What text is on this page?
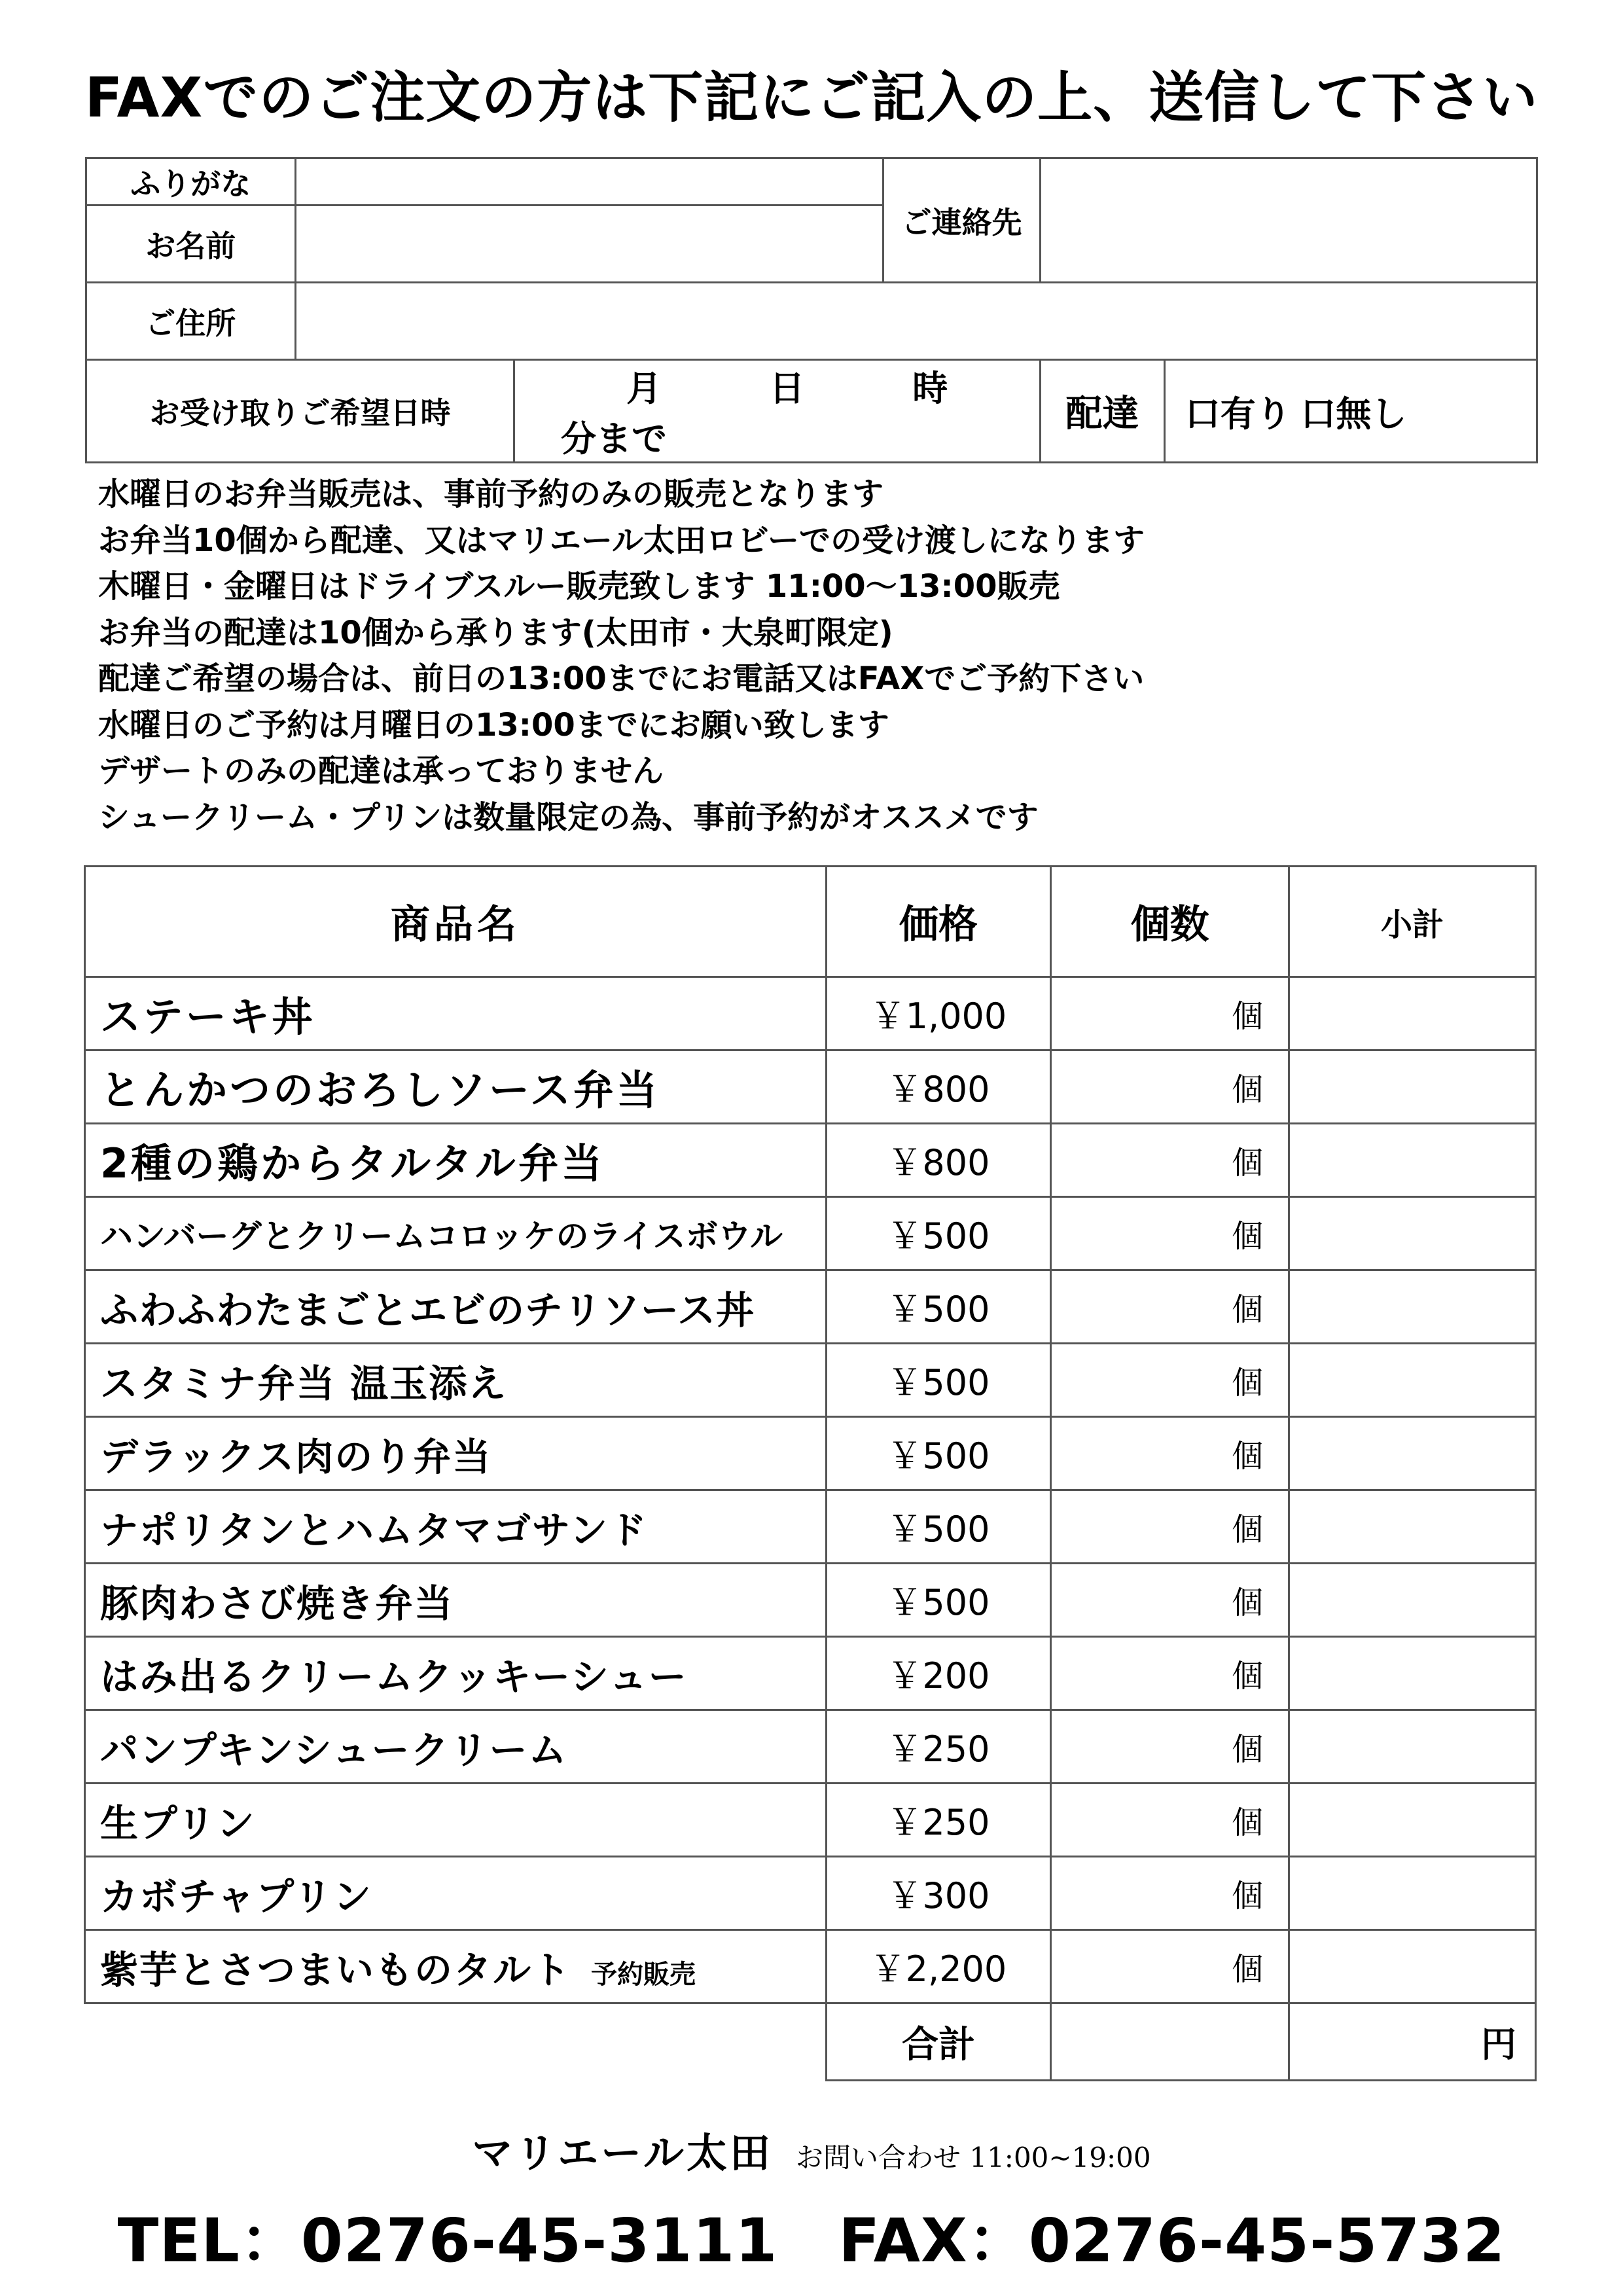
FAXでのご注文の方は下記にご記入の上、送信して下さい
ふりがな			ご連絡先		
お名前					
ご住所					
お受け取りご希望日時		月 日 時 分まで		配達	口有り 口無し
水曜日のお弁当販売は、事前予約のみの販売となります
お弁当10個から配達、又はマリエール太田ロビーでの受け渡しになります
木曜日・金曜日はドライブスルー販売致します 11:00〜13:00販売
お弁当の配達は10個から承ります(太田市・大泉町限定)
配達ご希望の場合は、前日の13:00までにお電話又はFAXでご予約下さい
水曜日のご予約は月曜日の13:00までにお願い致します
デザートのみの配達は承っておりません
シュークリーム・プリンは数量限定の為、事前予約がオススメです
商品名	価格	個数	小計
ステーキ丼	￥1,000	個	
とんかつのおろしソース弁当	￥800	個	
2種の鶏からタルタル弁当	￥800	個	
ハンバーグとクリームコロッケのライスボウル	￥500	個	
ふわふわたまごとエビのチリソース丼	￥500	個	
スタミナ弁当 温玉添え	￥500	個	
デラックス肉のり弁当	￥500	個	
ナポリタンとハムタマゴサンド	￥500	個	
豚肉わさび焼き弁当	￥500	個	
はみ出るクリームクッキーシュー	￥200	個	
パンプキンシュークリーム	￥250	個	
生プリン	￥250	個	
カボチャプリン	￥300	個	
紫芋とさつまいものタルト 予約販売	￥2,200	個	
	合計		円
マリエール太田 お問い合わせ 11:00~19:00
TEL：0276-45-3111 FAX：0276-45-5732
